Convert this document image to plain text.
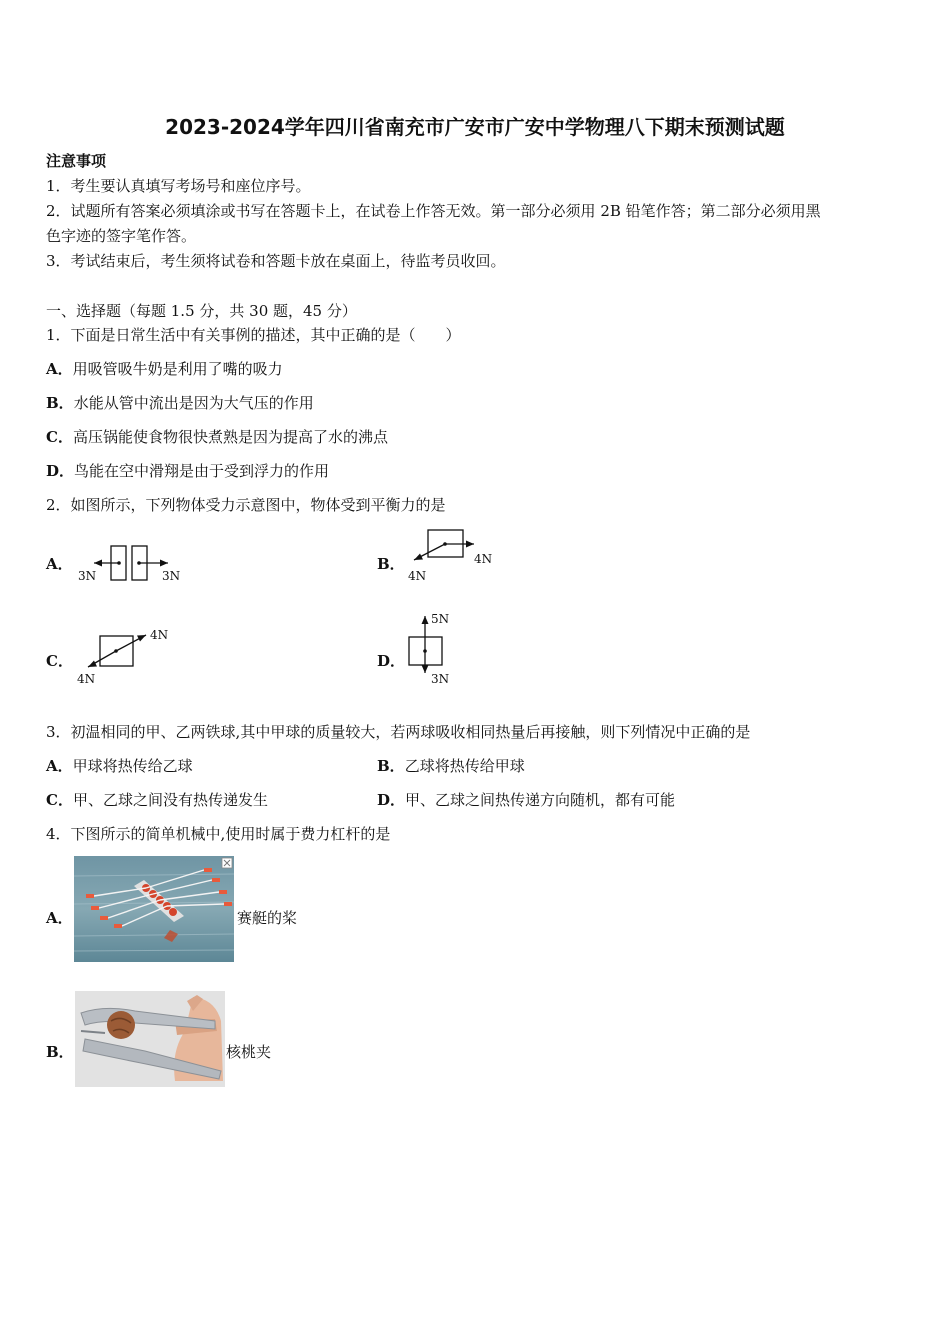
2023-2024学年四川省南充市广安市广安中学物理八下期末预测试题
注意事项
1．考生要认真填写考场号和座位序号。
2．试题所有答案必须填涂或书写在答题卡上，在试卷上作答无效。第一部分必须用 2B 铅笔作答；第二部分必须用黑
色字迹的签字笔作答。
3．考试结束后，考生须将试卷和答题卡放在桌面上，待监考员收回。
一、选择题（每题 1.5 分，共 30 题，45 分）
1．下面是日常生活中有关事例的描述，其中正确的是（　　）
A．用吸管吸牛奶是利用了嘴的吸力
B．水能从管中流出是因为大气压的作用
C．高压锅能使食物很快煮熟是因为提高了水的沸点
D．鸟能在空中滑翔是由于受到浮力的作用
2．如图所示，下列物体受力示意图中，物体受到平衡力的是
A．
3N	3N
B．
4N
4N
C．
4N
4N
D．
5N
3N
3．初温相同的甲、乙两铁球,其中甲球的质量较大，若两球吸收相同热量后再接触，则下列情况中正确的是
A．甲球将热传给乙球	B．乙球将热传给甲球
C．甲、乙球之间没有热传递发生	D．甲、乙球之间热传递方向随机，都有可能
4．下图所示的简单机械中,使用时属于费力杠杆的是
A．	赛艇的桨
B．	核桃夹
